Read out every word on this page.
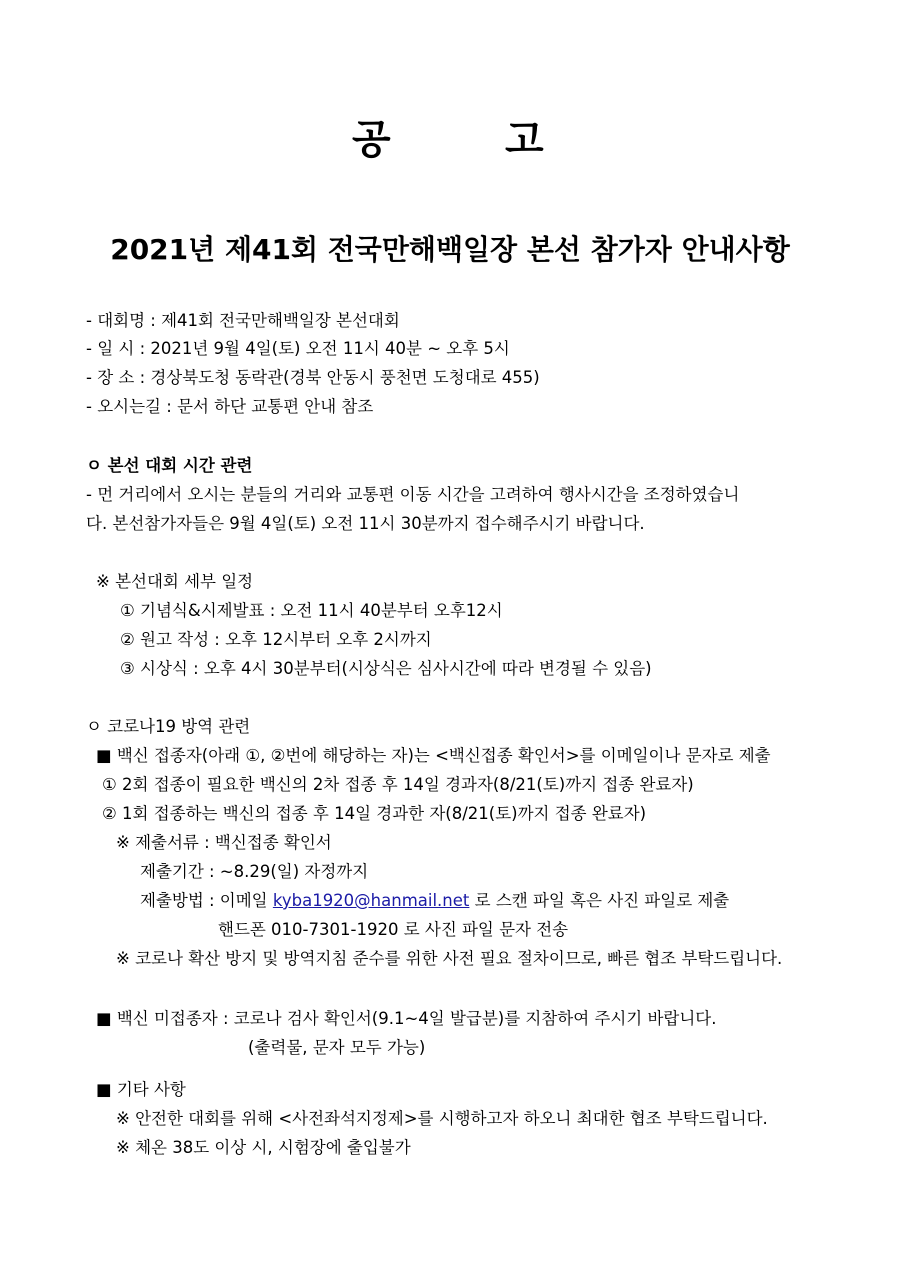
공	고
2021년 제41회 전국만해백일장 본선 참가자 안내사항
- 대회명 : 제41회 전국만해백일장 본선대회
- 일 시 : 2021년 9월 4일(토) 오전 11시 40분 ~ 오후 5시
- 장 소 : 경상북도청 동락관(경북 안동시 풍천면 도청대로 455)
- 오시는길 : 문서 하단 교통편 안내 참조
ㅇ 본선 대회 시간 관련
- 먼 거리에서 오시는 분들의 거리와 교통편 이동 시간을 고려하여 행사시간을 조정하였습니
다. 본선참가자들은 9월 4일(토) 오전 11시 30분까지 접수해주시기 바랍니다.
※ 본선대회 세부 일정
① 기념식&시제발표 : 오전 11시 40분부터 오후12시
② 원고 작성 : 오후 12시부터 오후 2시까지
③ 시상식 : 오후 4시 30분부터(시상식은 심사시간에 따라 변경될 수 있음)
ㅇ 코로나19 방역 관련
■ 백신 접종자(아래 ①, ②번에 해당하는 자)는 <백신접종 확인서>를 이메일이나 문자로 제출
① 2회 접종이 필요한 백신의 2차 접종 후 14일 경과자(8/21(토)까지 접종 완료자)
② 1회 접종하는 백신의 접종 후 14일 경과한 자(8/21(토)까지 접종 완료자)
※ 제출서류 : 백신접종 확인서
제출기간 : ~8.29(일) 자정까지
제출방법 : 이메일 kyba1920@hanmail.net 로 스캔 파일 혹은 사진 파일로 제출
핸드폰 010-7301-1920 로 사진 파일 문자 전송
※ 코로나 확산 방지 및 방역지침 준수를 위한 사전 필요 절차이므로, 빠른 협조 부탁드립니다.
■ 백신 미접종자 : 코로나 검사 확인서(9.1~4일 발급분)를 지참하여 주시기 바랍니다.
(출력물, 문자 모두 가능)
■ 기타 사항
※ 안전한 대회를 위해 <사전좌석지정제>를 시행하고자 하오니 최대한 협조 부탁드립니다.
※ 체온 38도 이상 시, 시험장에 출입불가
